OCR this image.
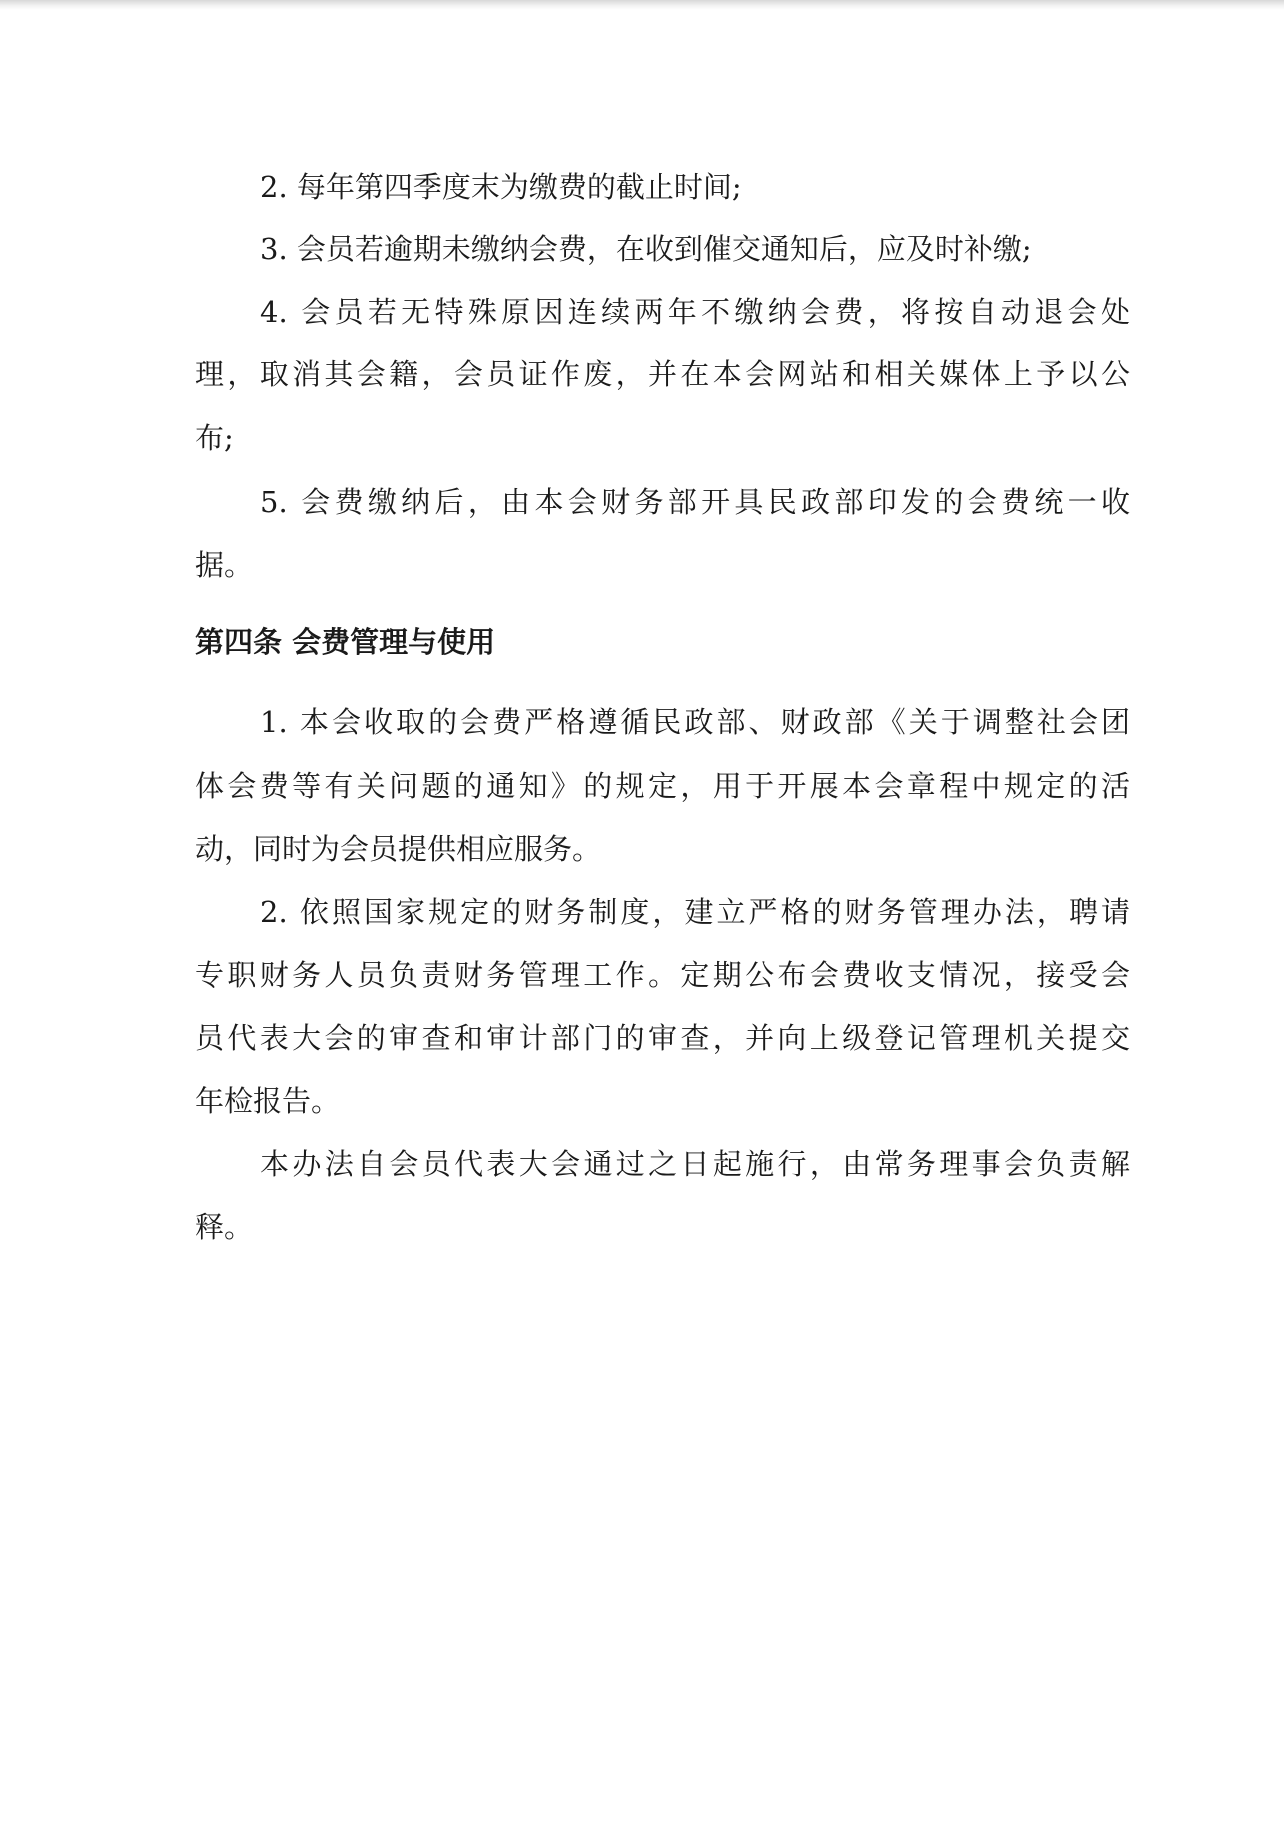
2. 每年第四季度末为缴费的截止时间;
3. 会员若逾期未缴纳会费，在收到催交通知后，应及时补缴;
4. 会员若无特殊原因连续两年不缴纳会费，将按自动退会处
理，取消其会籍，会员证作废，并在本会网站和相关媒体上予以公
布;
5. 会费缴纳后，由本会财务部开具民政部印发的会费统一收
据。
第四条 会费管理与使用
1. 本会收取的会费严格遵循民政部、财政部《关于调整社会团
体会费等有关问题的通知》的规定，用于开展本会章程中规定的活
动，同时为会员提供相应服务。
2. 依照国家规定的财务制度，建立严格的财务管理办法，聘请
专职财务人员负责财务管理工作。定期公布会费收支情况，接受会
员代表大会的审查和审计部门的审查，并向上级登记管理机关提交
年检报告。
本办法自会员代表大会通过之日起施行，由常务理事会负责解
释。
